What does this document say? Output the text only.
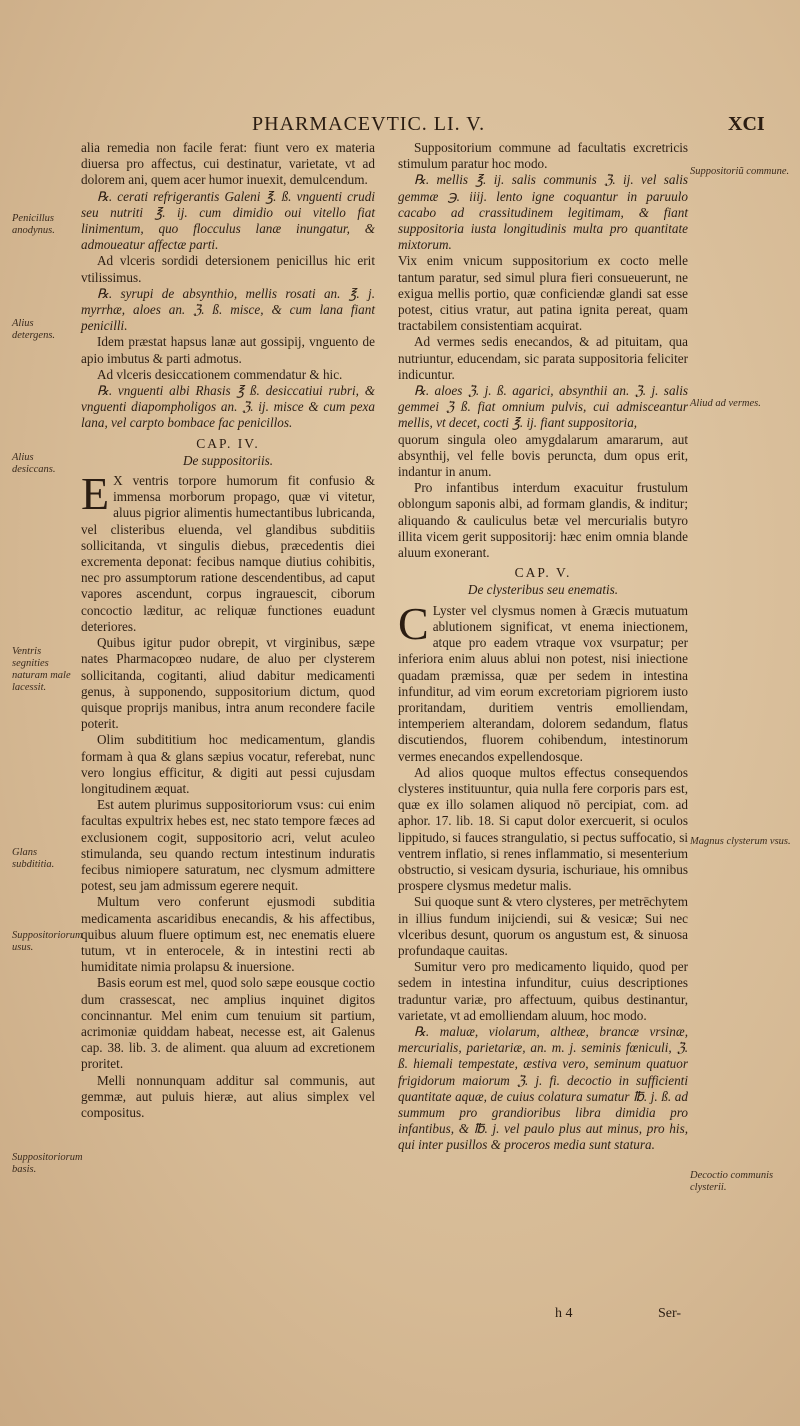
PHARMACEVTIC. LI. V.	XCI

alia remedia non facile ferat: fiunt vero ex materia diuersa pro affectus, cui destinatur, varietate, vt ad dolorem ani, quem acer humor inuexit, demulcendum.

℞. cerati refrigerantis Galeni ℥. ß. vnguenti crudi seu nutriti ℥. ij. cum dimidio oui vitello fiat linimentum, quo flocculus lanæ inungatur, & admoueatur affectæ parti.

Ad vlceris sordidi detersionem penicillus hic erit vtilissimus.

℞. syrupi de absynthio, mellis rosati an. ℥. j. myrrhæ, aloes an. ℨ. ß. misce, & cum lana fiant penicilli.

Idem præstat hapsus lanæ aut gossipij, vnguento de apio imbutus & parti admotus.

Ad vlceris desiccationem commendatur & hic.

℞. vnguenti albi Rhasis ℥ ß. desiccatiui rubri, & vnguenti diapompholigos an. ℨ. ij. misce & cum pexa lana, vel carpto bombace fac penicillos.

CAP. IV.
De suppositoriis.

E X ventris torpore humorum fit confusio & immensa morborum propago, quæ vi vitetur, aluus pigrior alimentis humectantibus lubricanda, vel clisteribus eluenda, vel glandibus subditiis sollicitanda, vt singulis diebus, præcedentis diei excrementa deponat: fecibus namque diutius cohibitis, nec pro assumptorum ratione descendentibus, ad caput vapores ascendunt, corpus ingrauescit, ciborum concoctio læditur, ac reliquæ functiones euadunt deteriores.

Quibus igitur pudor obrepit, vt virginibus, sæpe nates Pharmacopœo nudare, de aluo per clysterem sollicitanda, cogitanti, aliud dabitur medicamenti genus, à supponendo, suppositorium dictum, quod quisque proprijs manibus, intra anum recondere facile poterit.

Olim subdititium hoc medicamentum, glandis formam à qua & glans sæpius vocatur, referebat, nunc vero longius efficitur, & digiti aut pessi cujusdam longitudinem æquat.

Est autem plurimus suppositoriorum vsus: cui enim facultas expultrix hebes est, nec stato tempore fæces ad exclusionem cogit, suppositorio acri, velut aculeo stimulanda, seu quando rectum intestinum induratis fecibus nimiopere saturatum, nec clysmum admittere potest, seu jam admissum egerere nequit.

Multum vero conferunt ejusmodi subditia medicamenta ascaridibus enecandis, & his affectibus, quibus aluum fluere optimum est, nec enematis eluere tutum, vt in enterocele, & in intestini recti ab humiditate nimia prolapsu & inuersione.

Basis eorum est mel, quod solo sæpe eousque coctio dum crassescat, nec amplius inquinet digitos concinnantur. Mel enim cum tenuium sit partium, acrimoniæ quiddam habeat, necesse est, ait Galenus cap. 38. lib. 3. de aliment. qua aluum ad excretionem proritet.

Melli nonnunquam additur sal communis, aut gemmæ, aut puluis hieræ, aut alius simplex vel compositus.

Suppositorium commune ad facultatis excretricis stimulum paratur hoc modo.

℞. mellis ℥. ij. salis communis ℨ. ij. vel salis gemmæ ℈. iiij. lento igne coquantur in paruulo cacabo ad crassitudinem legitimam, & fiant suppositoria iusta longitudinis multa pro quantitate mixtorum.

Vix enim vnicum suppositorium ex cocto melle tantum paratur, sed simul plura fieri consueuerunt, ne exigua mellis portio, quæ conficiendæ glandi sat esse potest, citius vratur, aut patina ignita pereat, quam tractabilem consistentiam acquirat.

Ad vermes sedis enecandos, & ad pituitam, qua nutriuntur, educendam, sic parata suppositoria feliciter indicuntur.

℞. aloes ℨ. j. ß. agarici, absynthii an. ℨ. j. salis gemmei ℨ ß. fiat omnium pulvis, cui admisceantur mellis, vt decet, cocti ℥. ij. fiant suppositoria,

quorum singula oleo amygdalarum amararum, aut absynthij, vel felle bovis perunctа, dum opus erit, indantur in anum.

Pro infantibus interdum exacuitur frustulum oblongum saponis albi, ad formam glandis, & inditur; aliquando & cauliculus betæ vel mercurialis butyro illita vicem gerit suppositorij: hæc enim omnia blande aluum exonerant.

CAP. V.
De clysteribus seu enematis.

C Lyster vel clysmus nomen à Græcis mutuatum ablutionem significat, vt enema iniectionem, atque pro eadem vtraque vox vsurpatur; per inferiora enim aluus ablui non potest, nisi iniectione quadam præmissa, quæ per sedem in intestina infunditur, ad vim eorum excretoriam pigriorem iusto proritandam, duritiem ventris emolliendam, intemperiem alterandam, dolorem sedandum, flatus discutiendos, fluorem cohibendum, intestinorum vermes enecandos expellendosque.

Ad alios quoque multos effectus consequendos clysteres instituuntur, quia nulla fere corporis pars est, quæ ex illo solamen aliquod nō percipiat, com. ad aphor. 17. lib. 18. Si caput dolor exercuerit, si oculos lippitudo, si fauces strangulatio, si pectus suffocatio, si ventrem inflatio, si renes inflammatio, si mesenterium obstructio, si vesicam dysuria, ischuriaue, his omnibus prospere clysmus medetur malis.

Sui quoque sunt & vtero clysteres, per metrēchytem in illius fundum inijciendi, sui & vesicæ; Sui nec vlceribus desunt, quorum os angustum est, & sinuosa profundaque cauitas.

Sumitur vero pro medicamento liquido, quod per sedem in intestina infunditur, cuius descriptiones traduntur variæ, pro affectuum, quibus destinantur, varietate, vt ad emolliendam aluum, hoc modo.

℞. maluæ, violarum, altheæ, brancæ vrsinæ, mercurialis, parietariæ, an. m. j. seminis fœniculi, ℨ. ß. hiemali tempestate, æstiva vero, seminum quatuor frigidorum maiorum ℨ. j. fi. decoctio in sufficienti quantitate aquæ, de cuius colatura sumatur ℔. j. ß. ad summum pro grandioribus libra dimidia pro infantibus, & ℔. j. vel paulo plus aut minus, pro his, qui inter pusillos & proceros media sunt statura.

Penicillus anodynus.
Alius detergens.
Alius desiccans.
Ventris segnities naturam male lacessit.
Glans subdititia.
Suppositoriorum usus.
Suppositoriorum basis.
Suppositoriũ commune.
Aliud ad vermes.
Magnus clysterum vsus.
Decoctio communis clysterii.
h 4	Ser-
